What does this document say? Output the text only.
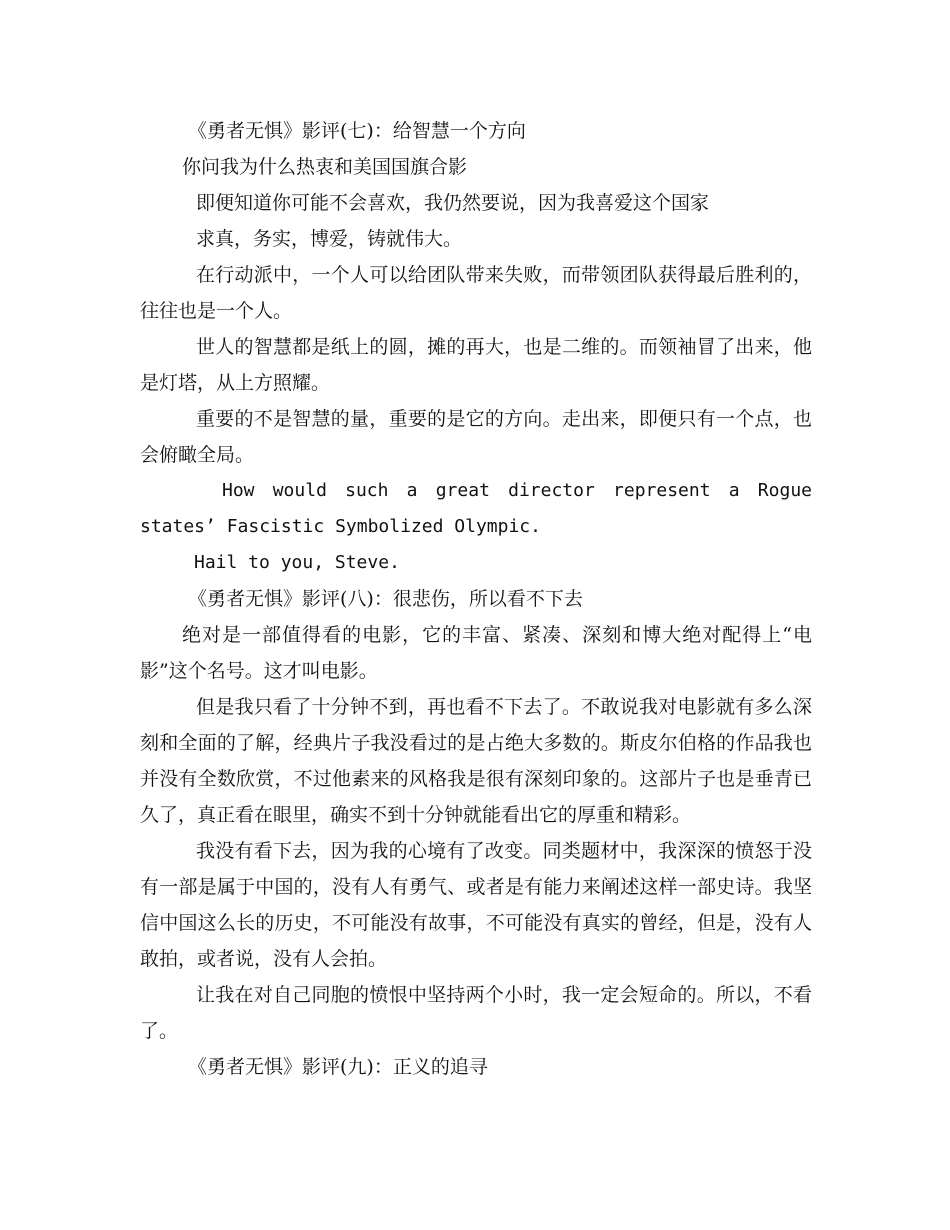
《勇者无惧》影评(七)：给智慧一个方向

你问我为什么热衷和美国国旗合影

即便知道你可能不会喜欢，我仍然要说，因为我喜爱这个国家

求真，务实，博爱，铸就伟大。

在行动派中，一个人可以给团队带来失败，而带领团队获得最后胜利的，往往也是一个人。

世人的智慧都是纸上的圆，摊的再大，也是二维的。而领袖冒了出来，他是灯塔，从上方照耀。

重要的不是智慧的量，重要的是它的方向。走出来，即便只有一个点，也会俯瞰全局。

How would such a great director represent a Rogue states’ Fascistic Symbolized Olympic.

Hail to you, Steve.

《勇者无惧》影评(八)：很悲伤，所以看不下去

绝对是一部值得看的电影，它的丰富、紧凑、深刻和博大绝对配得上“电影”这个名号。这才叫电影。

但是我只看了十分钟不到，再也看不下去了。不敢说我对电影就有多么深刻和全面的了解，经典片子我没看过的是占绝大多数的。斯皮尔伯格的作品我也并没有全数欣赏，不过他素来的风格我是很有深刻印象的。这部片子也是垂青已久了，真正看在眼里，确实不到十分钟就能看出它的厚重和精彩。

我没有看下去，因为我的心境有了改变。同类题材中，我深深的愤怒于没有一部是属于中国的，没有人有勇气、或者是有能力来阐述这样一部史诗。我坚信中国这么长的历史，不可能没有故事，不可能没有真实的曾经，但是，没有人敢拍，或者说，没有人会拍。

让我在对自己同胞的愤恨中坚持两个小时，我一定会短命的。所以，不看了。

《勇者无惧》影评(九)：正义的追寻
